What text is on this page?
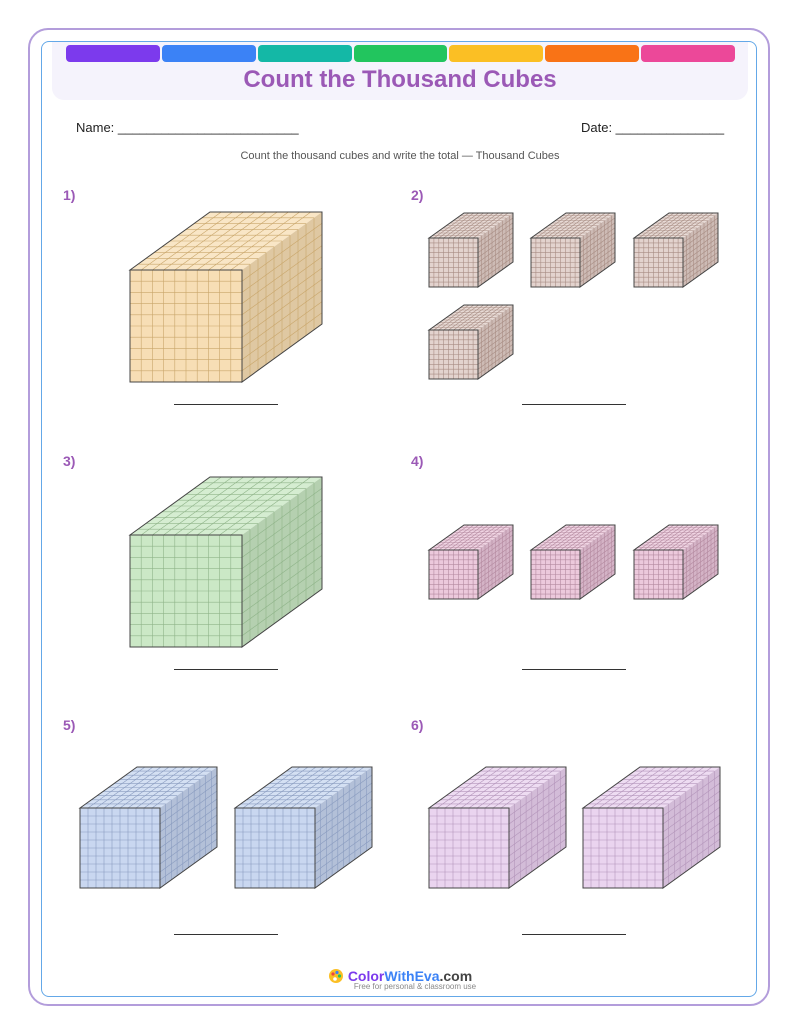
Count the Thousand Cubes
Name: _________________________	Date: _______________
Count the thousand cubes and write the total — Thousand Cubes
1)	2)
3)	4)
5)	6)
ColorWithEva.com
Free for personal & classroom use
